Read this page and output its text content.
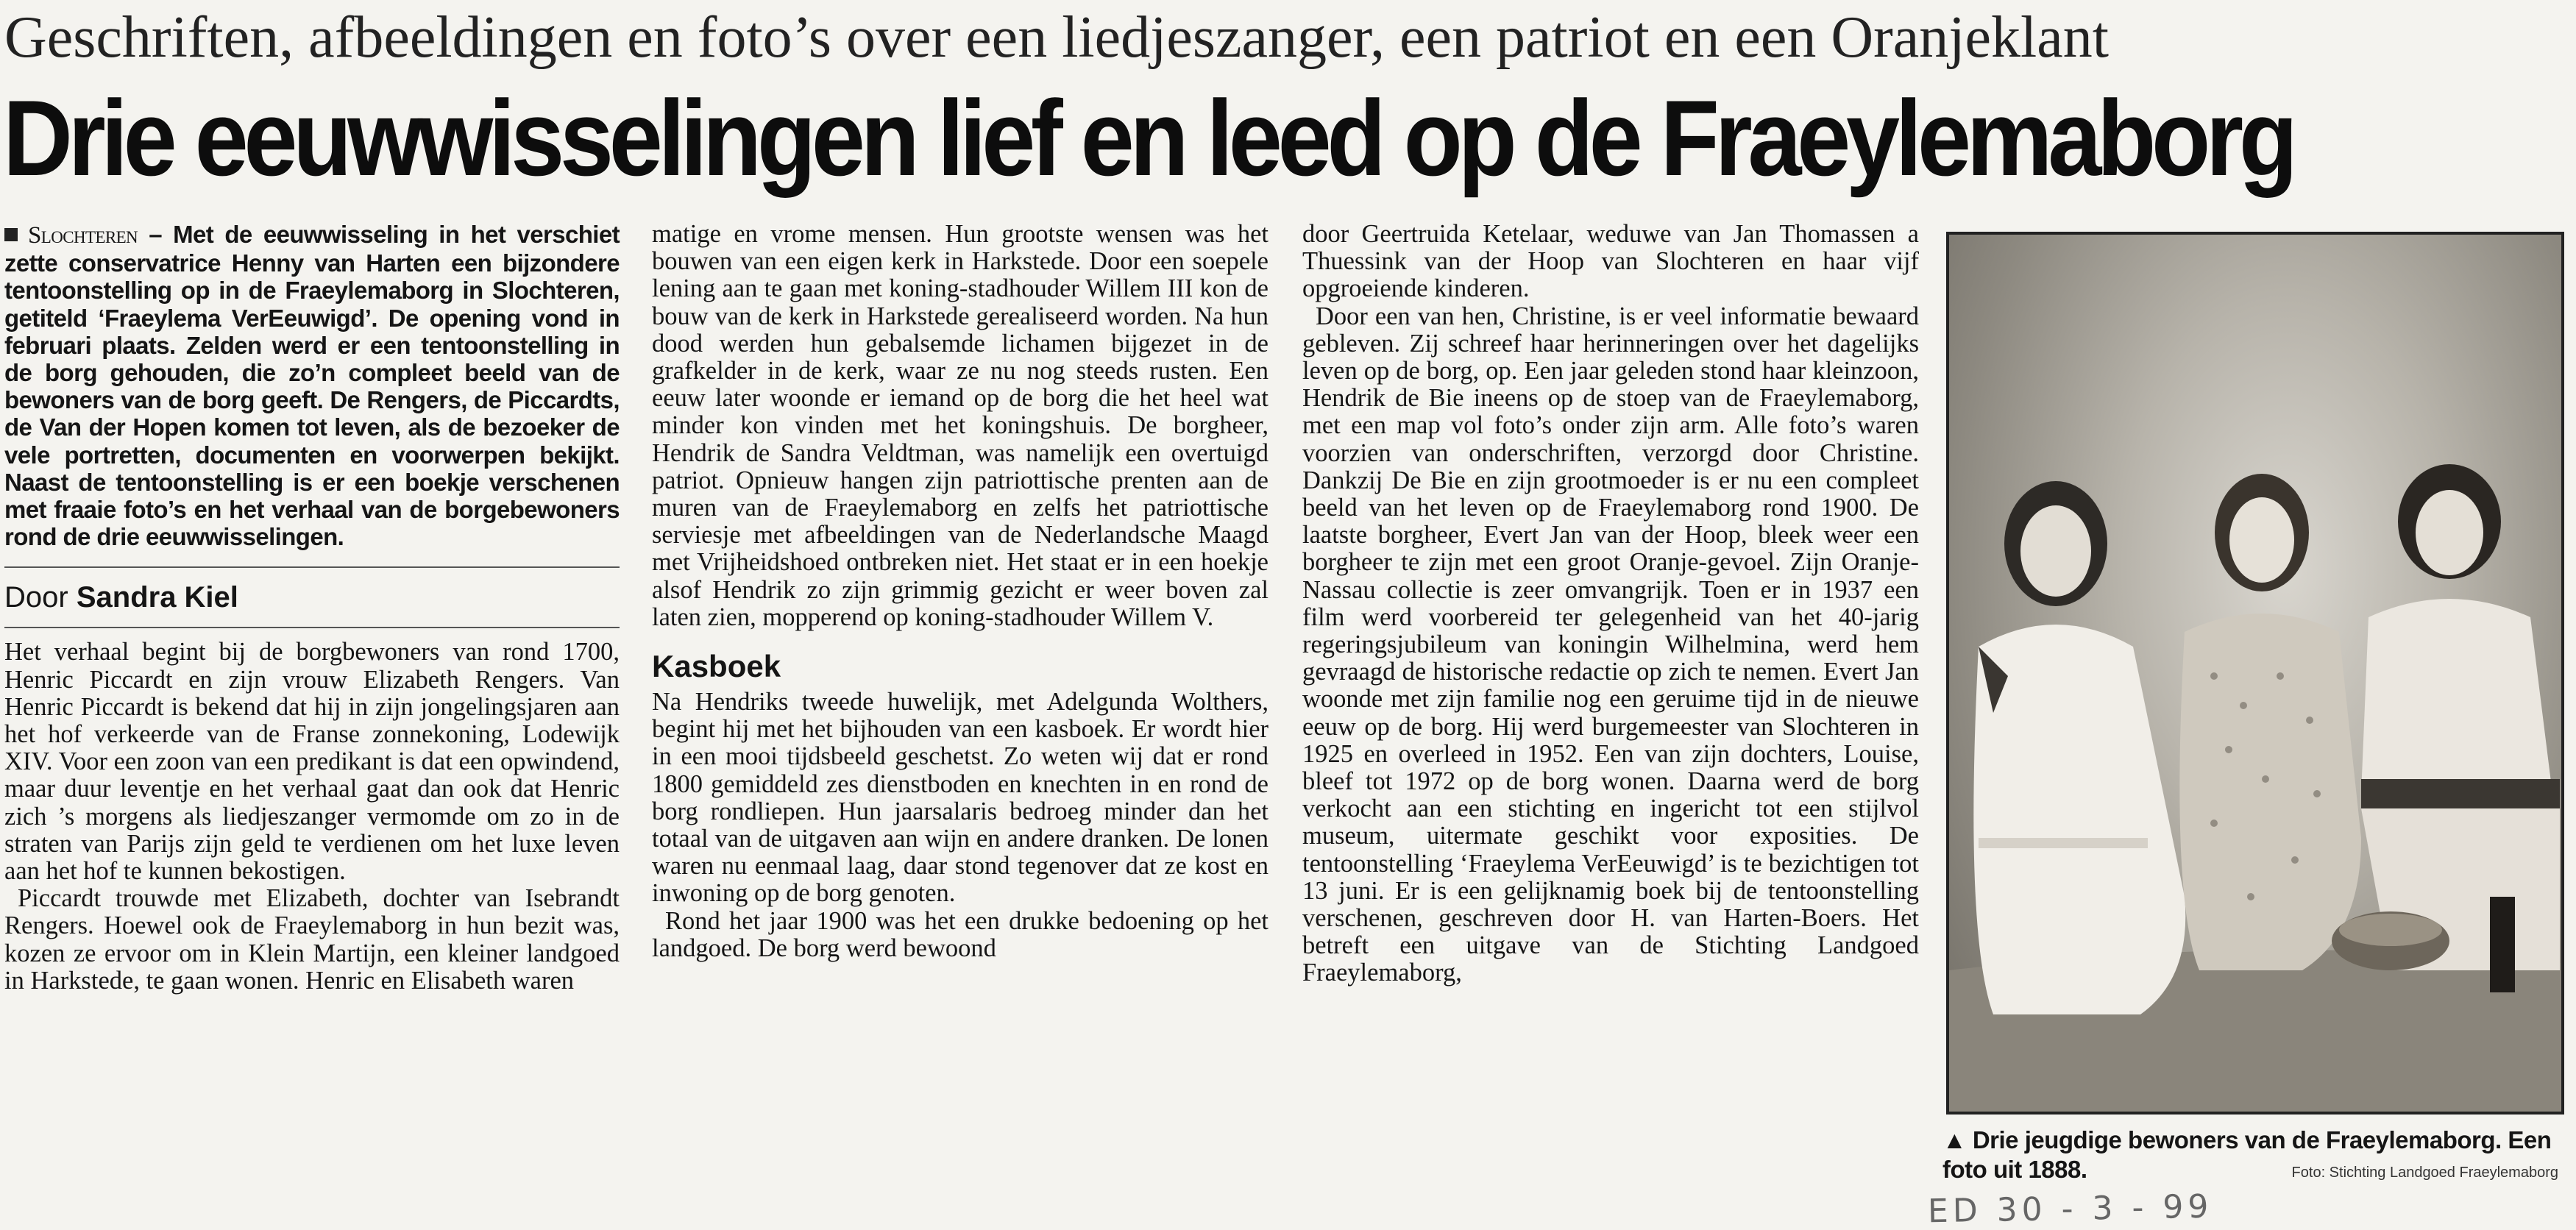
Geschriften, afbeeldingen en foto’s over een liedjeszanger, een patriot en een Oranjeklant
Drie eeuwwisselingen lief en leed op de Fraeylemaborg

Slochteren – Met de eeuwwisseling in het verschiet zette conservatrice Henny van Harten een bijzondere tentoonstelling op in de Fraeylemaborg in Slochteren, getiteld ‘Fraeylema VerEeuwigd’. De opening vond in februari plaats. Zelden werd er een tentoonstelling in de borg gehouden, die zo’n compleet beeld van de bewoners van de borg geeft. De Rengers, de Piccardts, de Van der Hopen komen tot leven, als de bezoeker de vele portretten, documenten en voorwerpen bekijkt. Naast de tentoonstelling is er een boekje verschenen met fraaie foto’s en het verhaal van de borgebewoners rond de drie eeuwwisselingen.

Door Sandra Kiel

Het verhaal begint bij de borgbewoners van rond 1700, Henric Piccardt en zijn vrouw Elizabeth Rengers. Van Henric Piccardt is bekend dat hij in zijn jongelingsjaren aan het hof verkeerde van de Franse zonnekoning, Lodewijk XIV. Voor een zoon van een predikant is dat een opwindend, maar duur leventje en het verhaal gaat dan ook dat Henric zich ’s morgens als liedjeszanger vermomde om zo in de straten van Parijs zijn geld te verdienen om het luxe leven aan het hof te kunnen bekostigen.

Piccardt trouwde met Elizabeth, dochter van Isebrandt Rengers. Hoewel ook de Fraeylemaborg in hun bezit was, kozen ze ervoor om in Klein Martijn, een kleiner landgoed in Harkstede, te gaan wonen. Henric en Elisabeth waren

matige en vrome mensen. Hun grootste wensen was het bouwen van een eigen kerk in Harkstede. Door een soepele lening aan te gaan met koning-stadhouder Willem III kon de bouw van de kerk in Harkstede gerealiseerd worden. Na hun dood werden hun gebalsemde lichamen bijgezet in de grafkelder in de kerk, waar ze nu nog steeds rusten. Een eeuw later woonde er iemand op de borg die het heel wat minder kon vinden met het koningshuis. De borgheer, Hendrik de Sandra Veldtman, was namelijk een overtuigd patriot. Opnieuw hangen zijn patriottische prenten aan de muren van de Fraeylemaborg en zelfs het patriottische serviesje met afbeeldingen van de Nederlandsche Maagd met Vrijheidshoed ontbreken niet. Het staat er in een hoekje alsof Hendrik zo zijn grimmig gezicht er weer boven zal laten zien, mopperend op koning-stadhouder Willem V.

Kasboek

Na Hendriks tweede huwelijk, met Adelgunda Wolthers, begint hij met het bijhouden van een kasboek. Er wordt hier in een mooi tijdsbeeld geschetst. Zo weten wij dat er rond 1800 gemiddeld zes dienstboden en knechten in en rond de borg rondliepen. Hun jaarsalaris bedroeg minder dan het totaal van de uitgaven aan wijn en andere dranken. De lonen waren nu eenmaal laag, daar stond tegenover dat ze kost en inwoning op de borg genoten.

Rond het jaar 1900 was het een drukke bedoening op het landgoed. De borg werd bewoond

door Geertruida Ketelaar, weduwe van Jan Thomassen a Thuessink van der Hoop van Slochteren en haar vijf opgroeiende kinderen.

Door een van hen, Christine, is er veel informatie bewaard gebleven. Zij schreef haar herinneringen over het dagelijks leven op de borg, op. Een jaar geleden stond haar kleinzoon, Hendrik de Bie ineens op de stoep van de Fraeylemaborg, met een map vol foto’s onder zijn arm. Alle foto’s waren voorzien van onderschriften, verzorgd door Christine. Dankzij De Bie en zijn grootmoeder is er nu een compleet beeld van het leven op de Fraeylemaborg rond 1900. De laatste borgheer, Evert Jan van der Hoop, bleek weer een borgheer te zijn met een groot Oranje-gevoel. Zijn Oranje-Nassau collectie is zeer omvangrijk. Toen er in 1937 een film werd voorbereid ter gelegenheid van het 40-jarig regeringsjubileum van koningin Wilhelmina, werd hem gevraagd de historische redactie op zich te nemen. Evert Jan woonde met zijn familie nog een geruime tijd in de nieuwe eeuw op de borg. Hij werd burgemeester van Slochteren in 1925 en overleed in 1952. Een van zijn dochters, Louise, bleef tot 1972 op de borg wonen. Daarna werd de borg verkocht aan een stichting en ingericht tot een stijlvol museum, uitermate geschikt voor exposities. De tentoonstelling ‘Fraeylema VerEeuwigd’ is te bezichtigen tot 13 juni. Er is een gelijknamig boek bij de tentoonstelling verschenen, geschreven door H. van Harten-Boers. Het betreft een uitgave van de Stichting Landgoed Fraeylemaborg,

▲ Drie jeugdige bewoners van de Fraeylemaborg. Een foto uit 1888.	Foto: Stichting Landgoed Fraeylemaborg
ED 30 - 3 - 99
